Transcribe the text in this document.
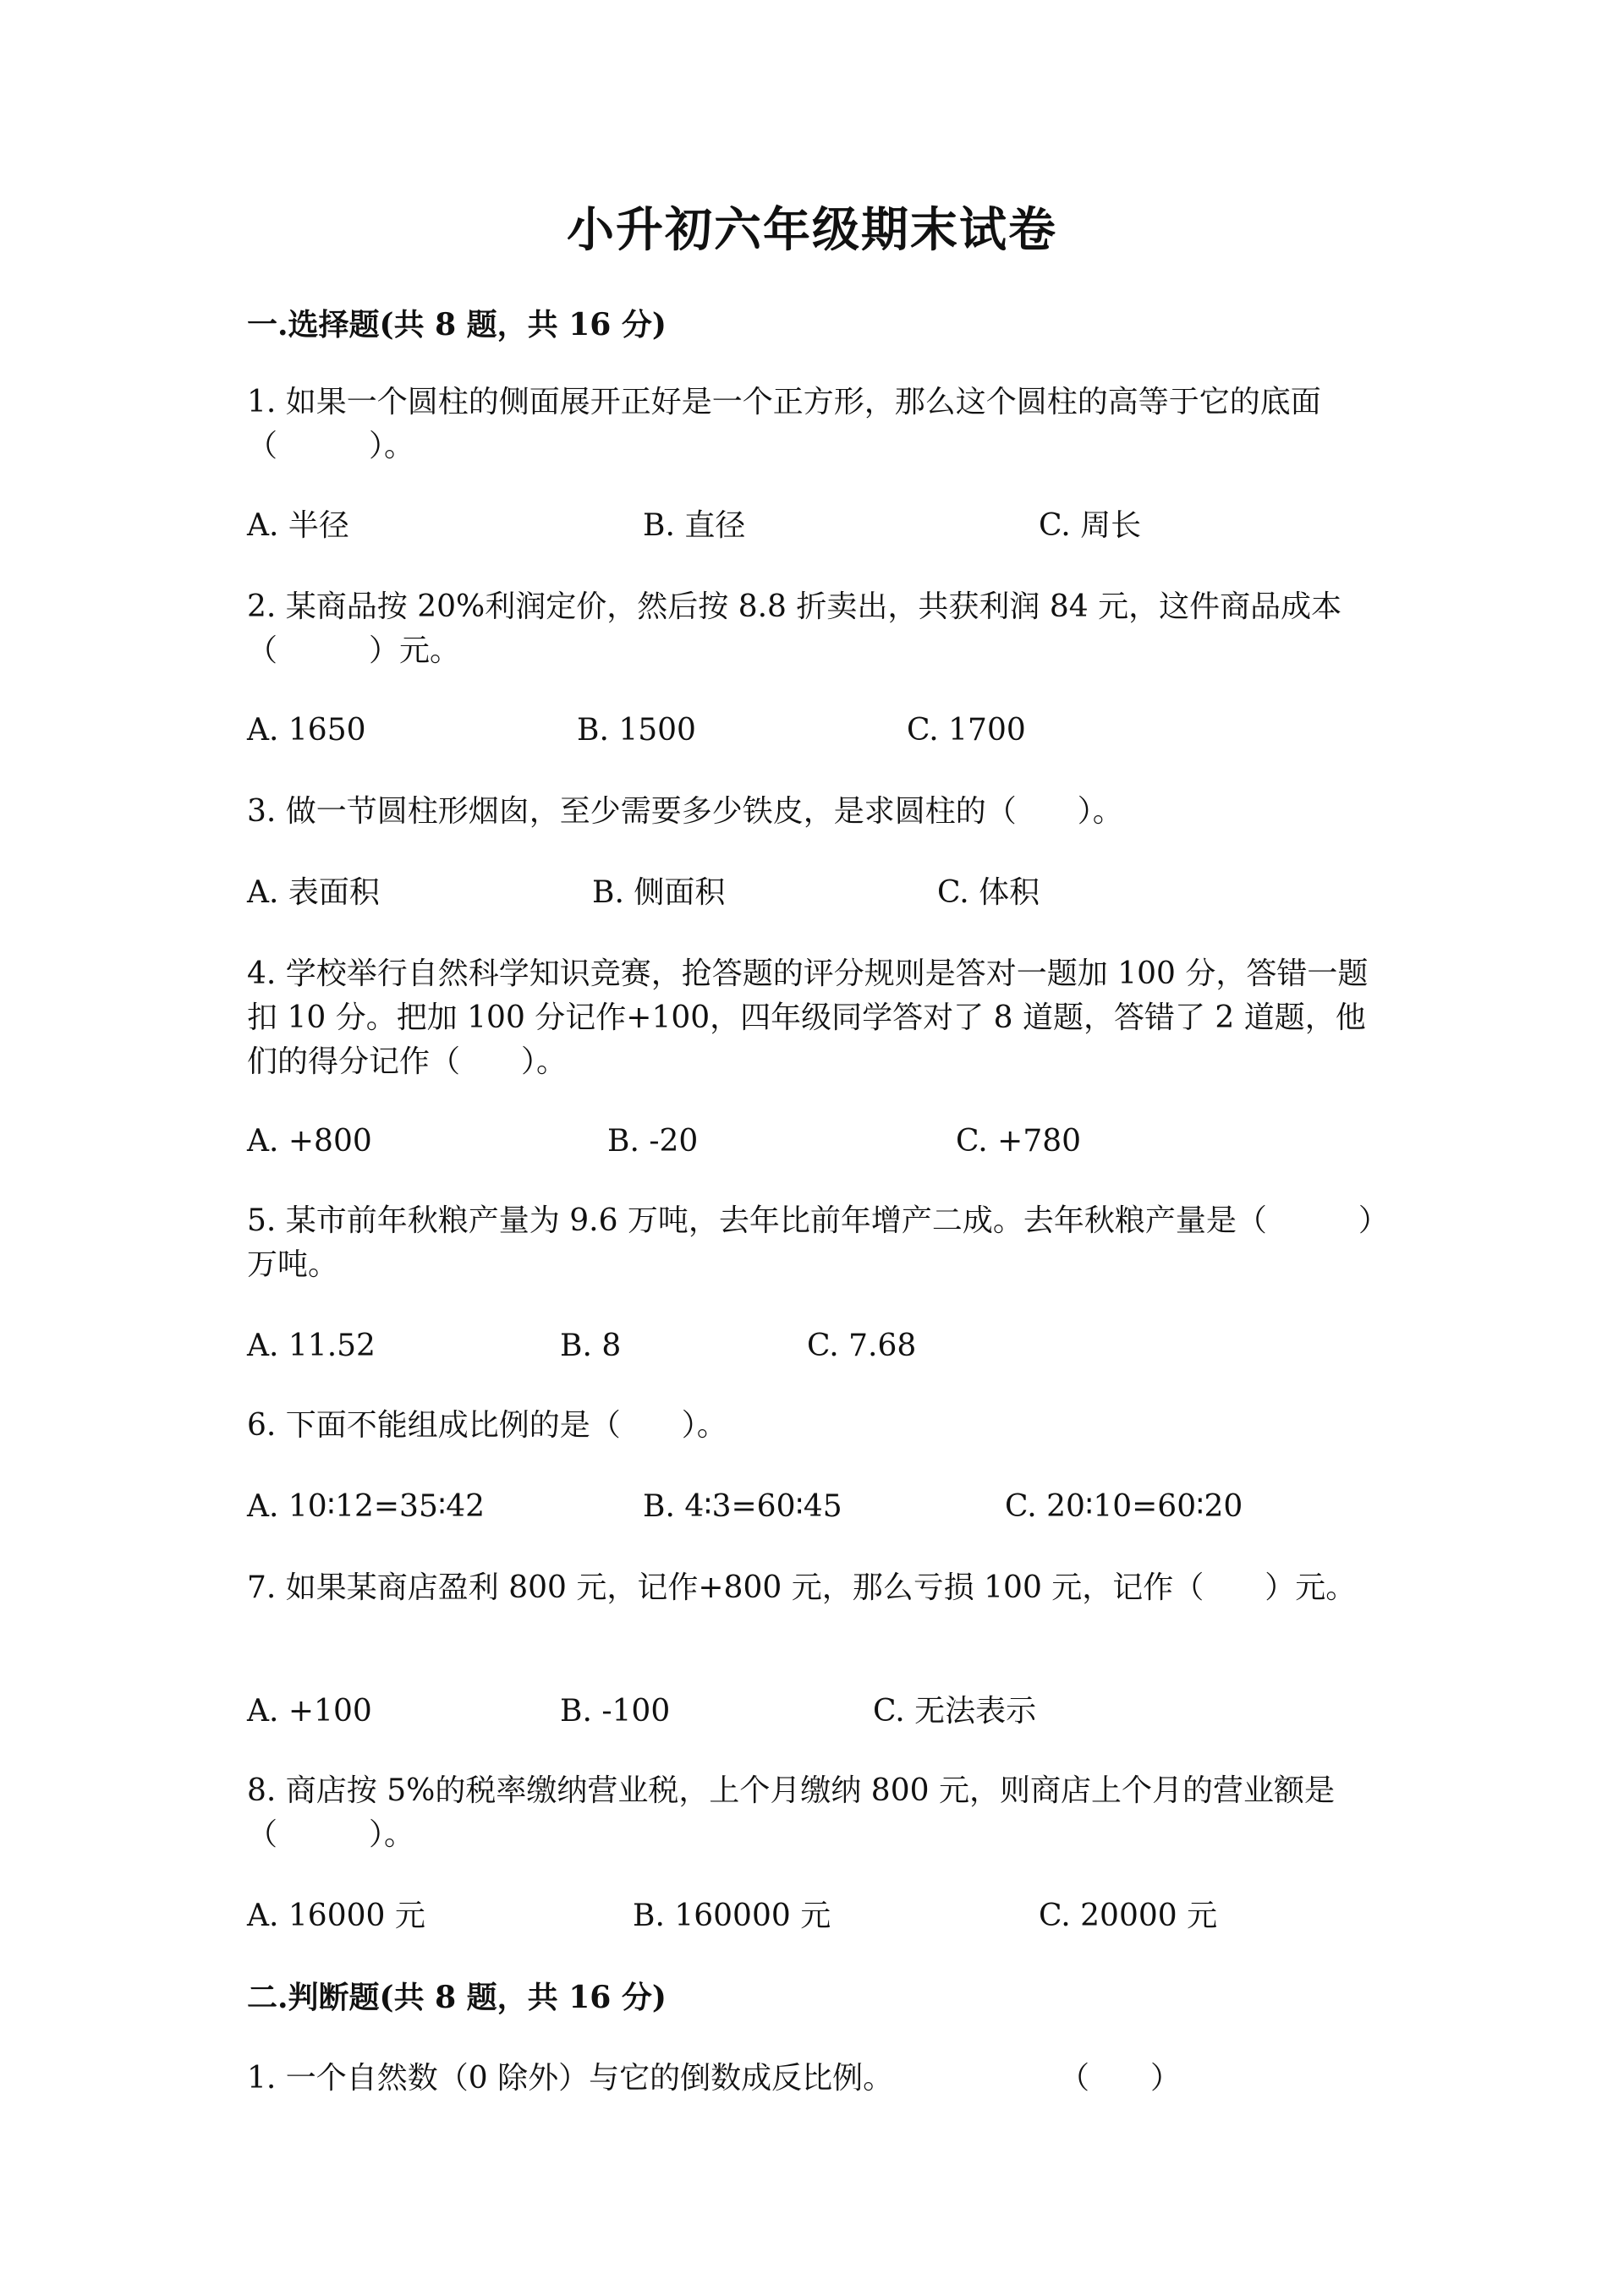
小升初六年级期末试卷
一.选择题(共 8 题，共 16 分)
1. 如果一个圆柱的侧面展开正好是一个正方形，那么这个圆柱的高等于它的底面（　　　）。
A. 半径	B. 直径	C. 周长
2. 某商品按 20%利润定价，然后按 8.8 折卖出，共获利润 84 元，这件商品成本（　　　）元。
A. 1650	B. 1500	C. 1700
3. 做一节圆柱形烟囱，至少需要多少铁皮，是求圆柱的（　　）。
A. 表面积	B. 侧面积	C. 体积
4. 学校举行自然科学知识竞赛，抢答题的评分规则是答对一题加 100 分，答错一题扣 10 分。把加 100 分记作+100，四年级同学答对了 8 道题，答错了 2 道题，他们的得分记作（　　）。
A. +800	B. -20	C. +780
5. 某市前年秋粮产量为 9.6 万吨，去年比前年增产二成。去年秋粮产量是（　　　）万吨。
A. 11.52	B. 8	C. 7.68
6. 下面不能组成比例的是（　　）。
A. 10∶12=35∶42	B. 4∶3=60∶45	C. 20∶10=60∶20
7. 如果某商店盈利 800 元，记作+800 元，那么亏损 100 元，记作（　　）元。
A. +100	B. -100	C. 无法表示
8. 商店按 5%的税率缴纳营业税，上个月缴纳 800 元，则商店上个月的营业额是（　　　）。
A. 16000 元	B. 160000 元	C. 20000 元
二.判断题(共 8 题，共 16 分)
1. 一个自然数（0 除外）与它的倒数成反比例。	（　　）
